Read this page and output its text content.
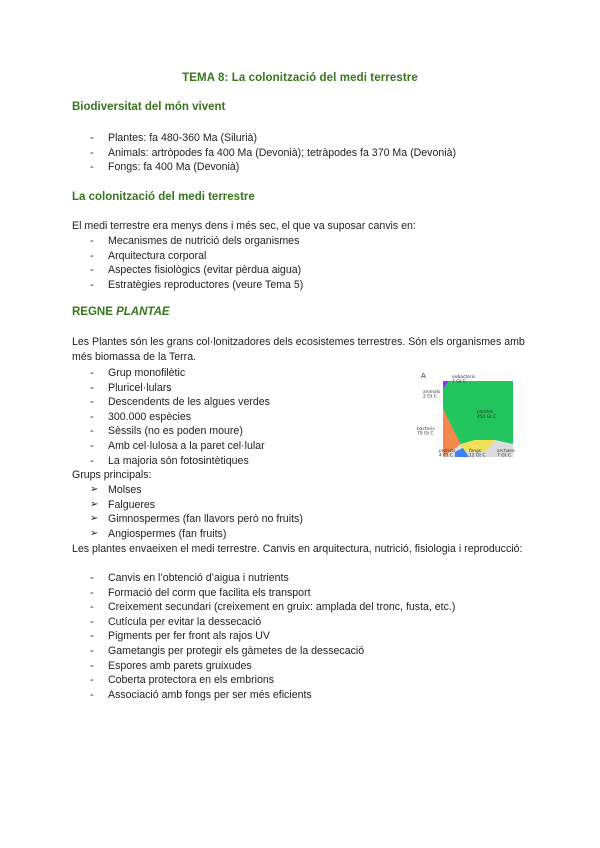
TEMA 8: La colonització del medi terrestre
Biodiversitat del món vivent
- Plantes: fa 480-360 Ma (Silurià)
- Animals: artròpodes fa 400 Ma (Devonià); tetràpodes fa 370 Ma (Devonià)
- Fongs: fa 400 Ma (Devonià)
La colonització del medi terrestre
El medi terrestre era menys dens i més sec, el que va suposar canvis en:
- Mecanismes de nutrició dels organismes
- Arquitectura corporal
- Aspectes fisiològics (evitar pèrdua aigua)
- Estratègies reproductores (veure Tema 5)
REGNE PLANTAE
Les Plantes són les grans col·lonitzadores dels ecosistemes terrestres. Són els organismes amb més biomassa de la Terra.
- Grup monofilètic
- Pluricel·lulars
- Descendents de les algues verdes
- 300.000 espècies
- Sèssils (no es poden moure)
- Amb cel·lulosa a la paret cel·lular
- La majoria són fotosintètiques
Grups principals:
➢ Molses
➢ Falgueres
➢ Gimnospermes (fan llavors però no fruits)
➢ Angiospermes (fan fruits)
Les plantes envaeixen el medi terrestre. Canvis en arquitectura, nutrició, fisiologia i reproducció:
- Canvis en l’obtenció d’aigua i nutrients
- Formació del corm que facilita els transport
- Creixement secundari (creixement en gruix: amplada del tronc, fusta, etc.)
- Cutícula per evitar la dessecació
- Pigments per fer front als rajos UV
- Gametangis per protegir els gàmetes de la dessecació
- Espores amb parets gruixudes
- Coberta protectora en els embrions
- Associació amb fongs per ser més eficients
A	eubacteris 7 Gt C
animals 2 Gt C
plantes 450 Gt C
bacteris 70 Gt C
protists 4 Gt C
fongs 12 Gt C
archaea 7 Gt C
